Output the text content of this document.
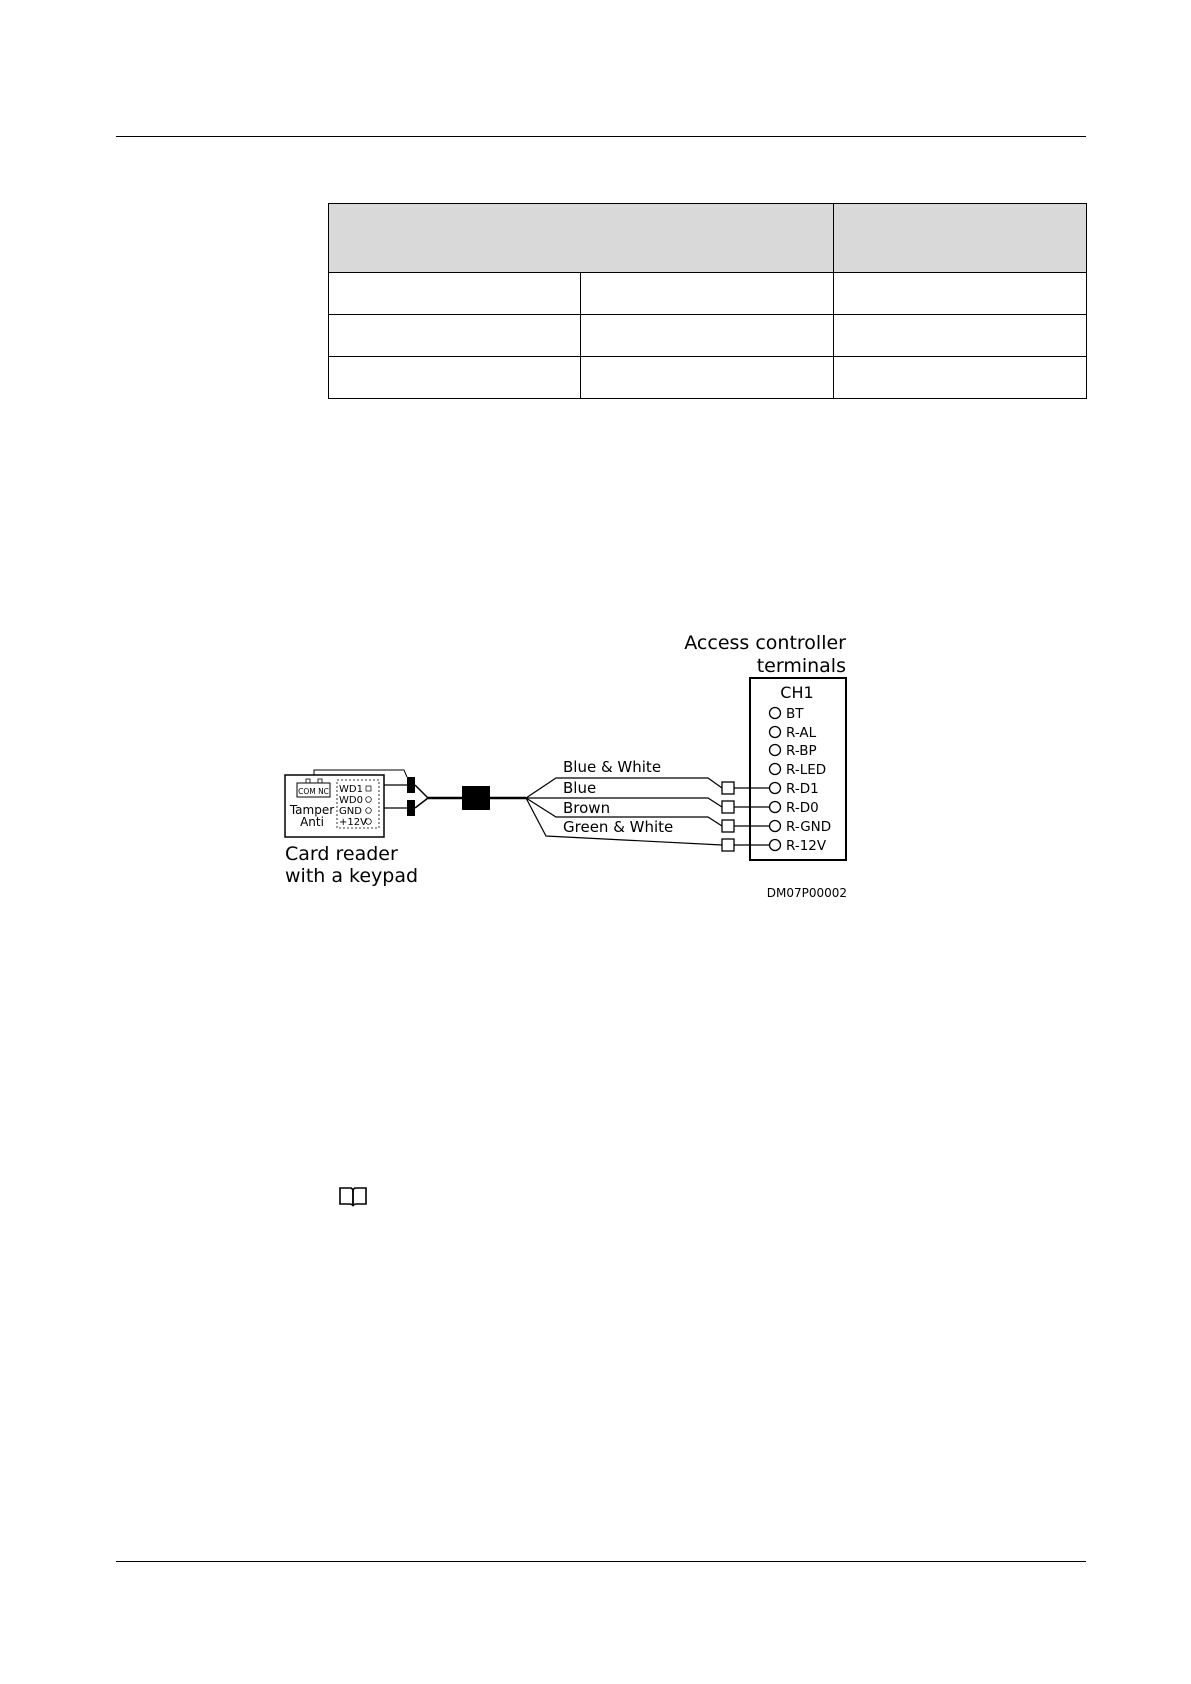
Access controller
terminals
CH1
BT
R-AL
R-BP
R-LED
R-D1
R-D0
R-GND
R-12V
Blue & White
Blue
Brown
Green & White
COM NC
Tamper
Anti
WD1
WD0
GND
+12V
Card reader
with a keypad
DM07P00002
